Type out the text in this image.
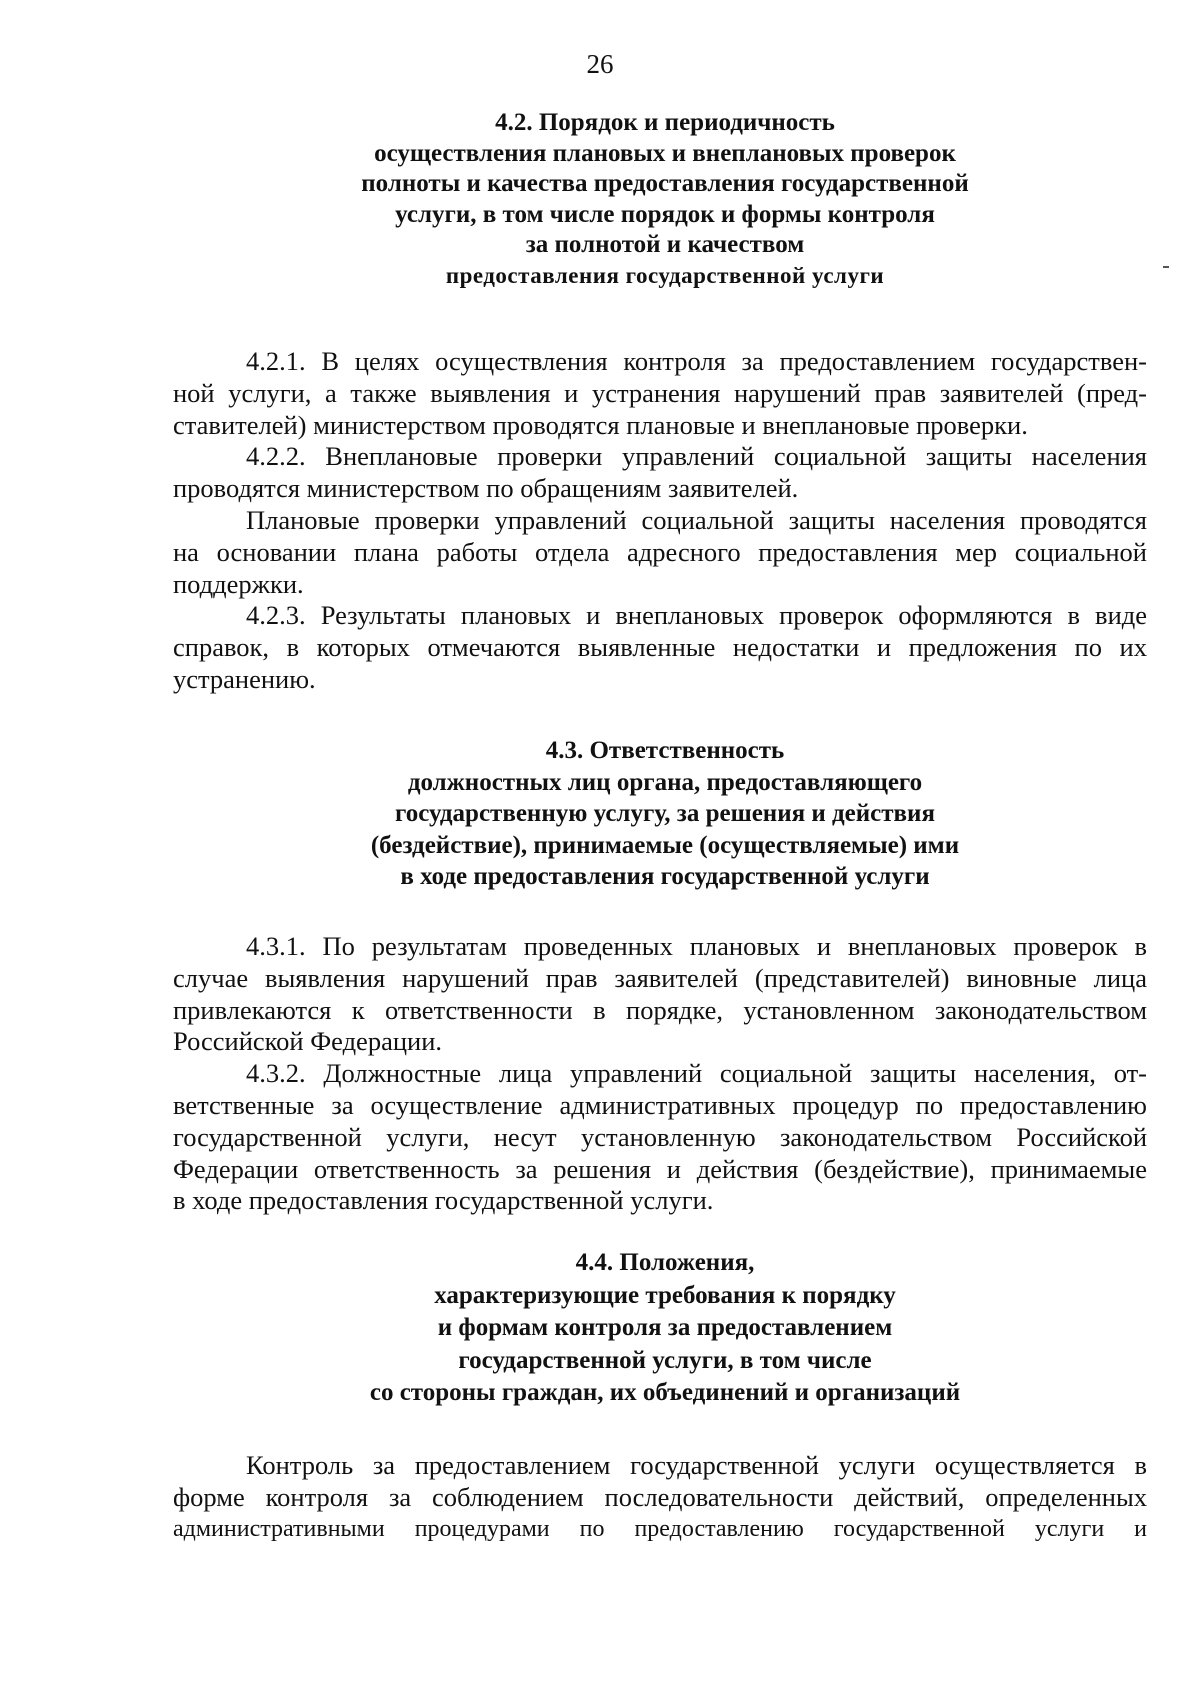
26
4.2. Порядок и периодичность
осуществления плановых и внеплановых проверок
полноты и качества предоставления государственной
услуги, в том числе порядок и формы контроля
за полнотой и качеством
предоставления государственной услуги
4.2.1. В целях осуществления контроля за предоставлением государствен-
ной услуги, а также выявления и устранения нарушений прав заявителей (пред-
ставителей) министерством проводятся плановые и внеплановые проверки.
4.2.2. Внеплановые проверки управлений социальной защиты населения
проводятся министерством по обращениям заявителей.
Плановые проверки управлений социальной защиты населения проводятся
на основании плана работы отдела адресного предоставления мер социальной
поддержки.
4.2.3. Результаты плановых и внеплановых проверок оформляются в виде
справок, в которых отмечаются выявленные недостатки и предложения по их
устранению.
4.3. Ответственность
должностных лиц органа, предоставляющего
государственную услугу, за решения и действия
(бездействие), принимаемые (осуществляемые) ими
в ходе предоставления государственной услуги
4.3.1. По результатам проведенных плановых и внеплановых проверок в
случае выявления нарушений прав заявителей (представителей) виновные лица
привлекаются к ответственности в порядке, установленном законодательством
Российской Федерации.
4.3.2. Должностные лица управлений социальной защиты населения, от-
ветственные за осуществление административных процедур по предоставлению
государственной услуги, несут установленную законодательством Российской
Федерации ответственность за решения и действия (бездействие), принимаемые
в ходе предоставления государственной услуги.
4.4. Положения,
характеризующие требования к порядку
и формам контроля за предоставлением
государственной услуги, в том числе
со стороны граждан, их объединений и организаций
Контроль за предоставлением государственной услуги осуществляется в
форме контроля за соблюдением последовательности действий, определенных
административными процедурами по предоставлению государственной услуги и
